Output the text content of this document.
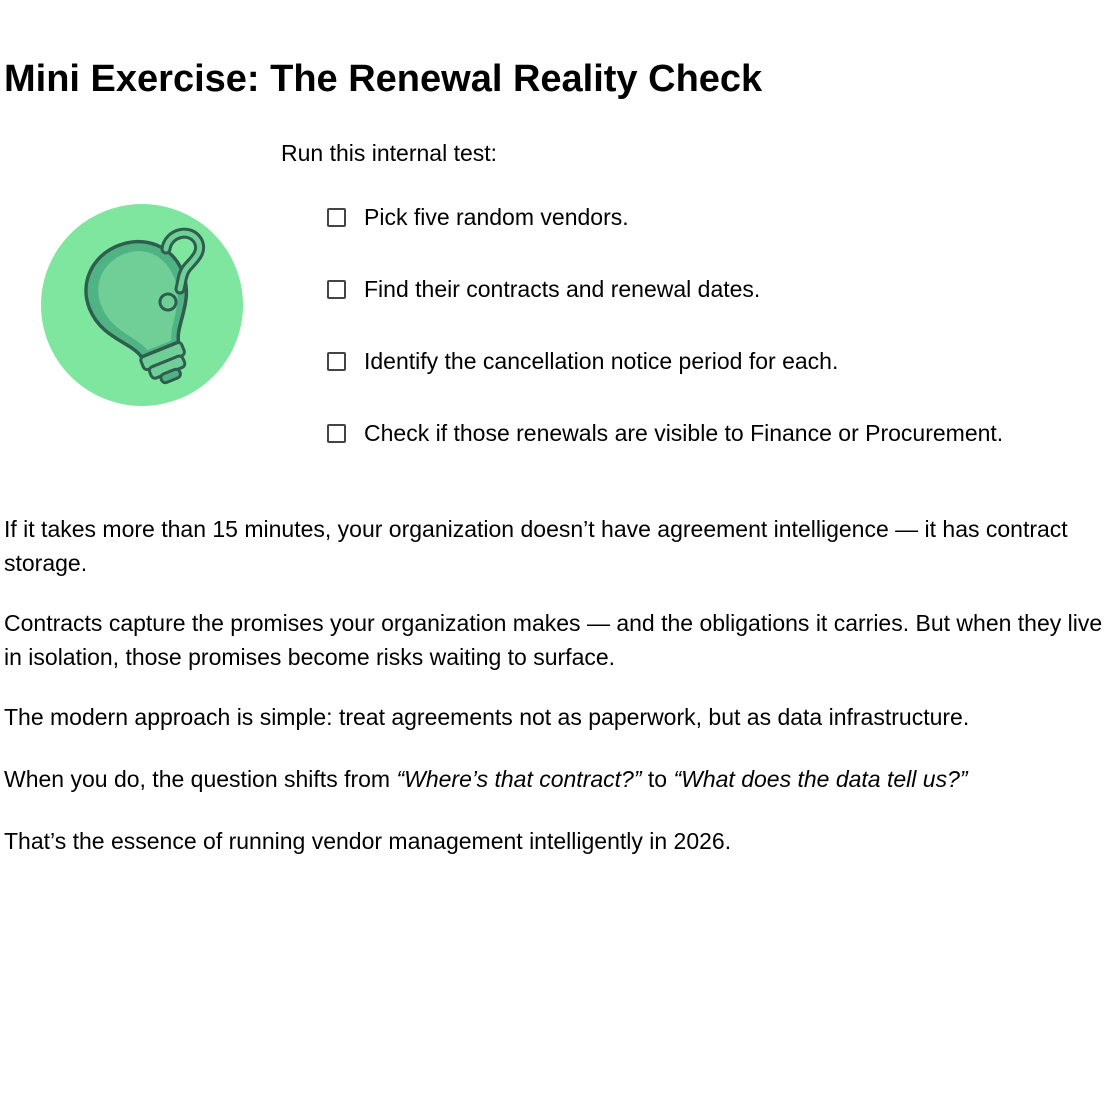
Mini Exercise: The Renewal Reality Check

Run this internal test:

Pick five random vendors.
Find their contracts and renewal dates.
Identify the cancellation notice period for each.
Check if those renewals are visible to Finance or Procurement.

If it takes more than 15 minutes, your organization doesn’t have agreement intelligence — it has contract storage.

Contracts capture the promises your organization makes — and the obligations it carries. But when they live in isolation, those promises become risks waiting to surface.

The modern approach is simple: treat agreements not as paperwork, but as data infrastructure.

When you do, the question shifts from “Where’s that contract?” to “What does the data tell us?”

That’s the essence of running vendor management intelligently in 2026.
